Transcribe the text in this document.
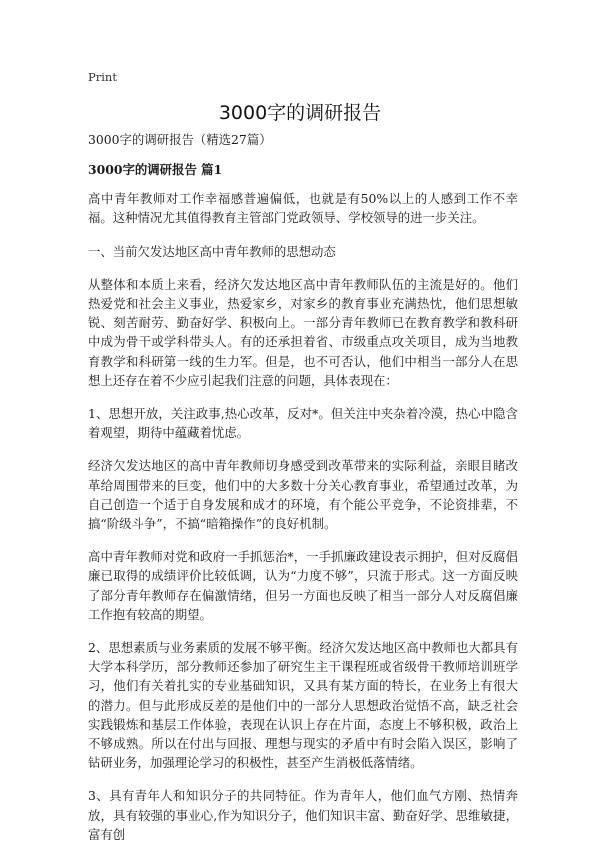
Print
3000字的调研报告

3000字的调研报告（精选27篇）

3000字的调研报告 篇1

高中青年教师对工作幸福感普遍偏低，也就是有50%以上的人感到工作不幸福。这种情况尤其值得教育主管部门党政领导、学校领导的进一步关注。

一、当前欠发达地区高中青年教师的思想动态

从整体和本质上来看，经济欠发达地区高中青年教师队伍的主流是好的。他们热爱党和社会主义事业，热爱家乡，对家乡的教育事业充满热忱，他们思想敏锐、刻苦耐劳、勤奋好学、积极向上。一部分青年教师已在教育教学和教科研中成为骨干或学科带头人。有的还承担着省、市级重点攻关项目，成为当地教育教学和科研第一线的生力军。但是，也不可否认，他们中相当一部分人在思想上还存在着不少应引起我们注意的问题，具体表现在：

1、思想开放，关注政事,热心改革，反对*。但关注中夹杂着冷漠，热心中隐含着观望，期待中蕴藏着忧虑。

经济欠发达地区的高中青年教师切身感受到改革带来的实际利益，亲眼目睹改革给周围带来的巨变，他们中的大多数十分关心教育事业，希望通过改革，为自己创造一个适于自身发展和成才的环境，有个能公平竞争，不论资排辈，不搞“阶级斗争”，不搞“暗箱操作”的良好机制。

高中青年教师对党和政府一手抓惩治*，一手抓廉政建设表示拥护，但对反腐倡廉已取得的成绩评价比较低调，认为“力度不够”，只流于形式。这一方面反映了部分青年教师存在偏激情绪，但另一方面也反映了相当一部分人对反腐倡廉工作抱有较高的期望。

2、思想素质与业务素质的发展不够平衡。经济欠发达地区高中教师也大都具有大学本科学历，部分教师还参加了研究生主干课程班或省级骨干教师培训班学习，他们有关着扎实的专业基础知识，又具有某方面的特长，在业务上有很大的潜力。但与此形成反差的是他们中的一部分人思想政治觉悟不高，缺乏社会实践锻炼和基层工作体验，表现在认识上存在片面，态度上不够积极，政治上不够成熟。所以在付出与回报、理想与现实的矛盾中有时会陷入误区，影响了钻研业务，加强理论学习的积极性，甚至产生消极低落情绪。

3、具有青年人和知识分子的共同特征。作为青年人，他们血气方刚、热情奔放，具有较强的事业心,作为知识分子，他们知识丰富、勤奋好学、思维敏捷，富有创
